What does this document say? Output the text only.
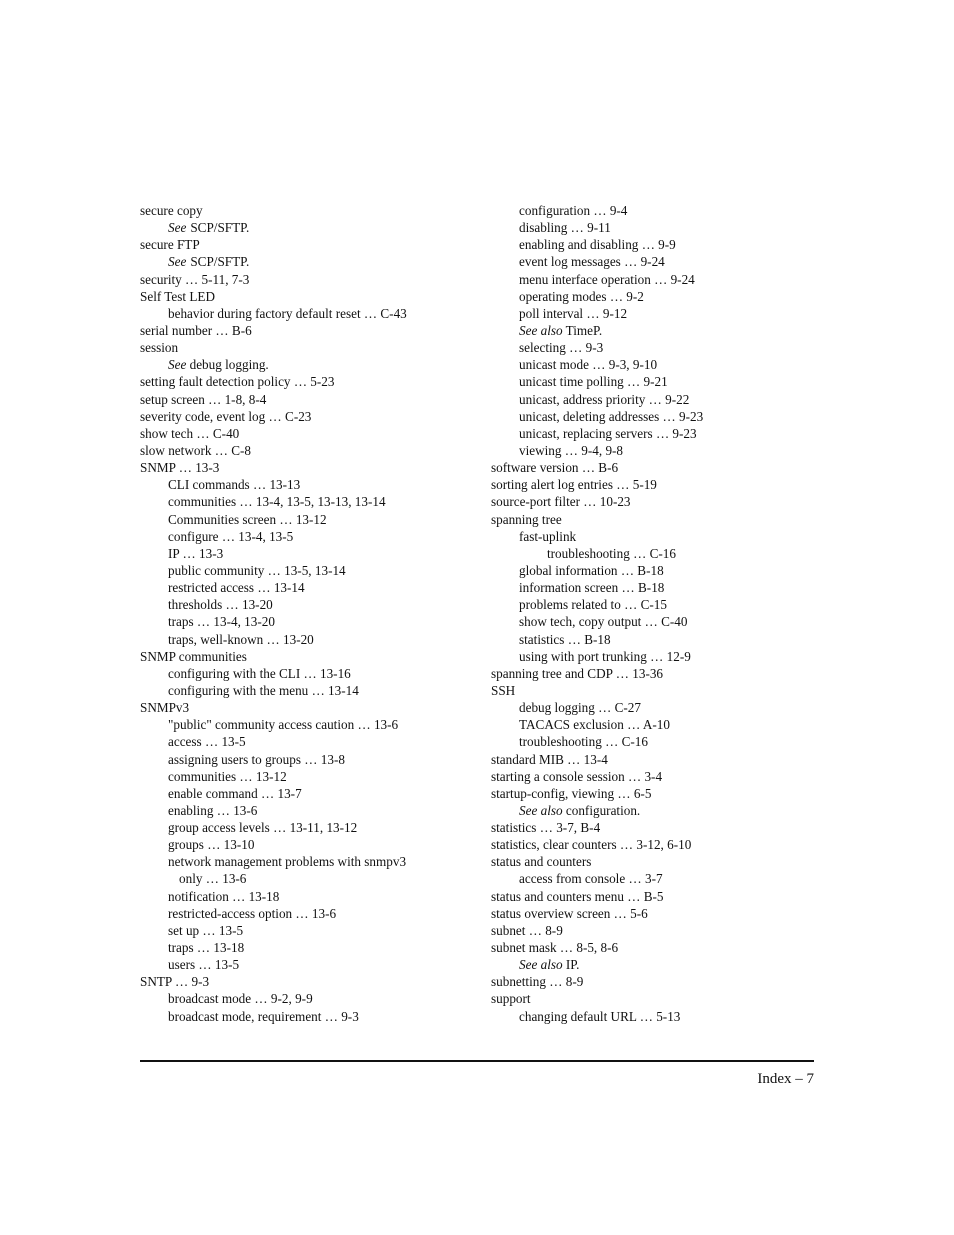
secure copy
See SCP/SFTP.
secure FTP
See SCP/SFTP.
security … 5-11, 7-3
Self Test LED
behavior during factory default reset … C-43
serial number … B-6
session
See debug logging.
setting fault detection policy … 5-23
setup screen … 1-8, 8-4
severity code, event log … C-23
show tech … C-40
slow network … C-8
SNMP … 13-3
CLI commands … 13-13
communities … 13-4, 13-5, 13-13, 13-14
Communities screen … 13-12
configure … 13-4, 13-5
IP … 13-3
public community … 13-5, 13-14
restricted access … 13-14
thresholds … 13-20
traps … 13-4, 13-20
traps, well-known … 13-20
SNMP communities
configuring with the CLI … 13-16
configuring with the menu … 13-14
SNMPv3
"public" community access caution … 13-6
access … 13-5
assigning users to groups … 13-8
communities … 13-12
enable command … 13-7
enabling … 13-6
group access levels … 13-11, 13-12
groups … 13-10
network management problems with snmpv3
only … 13-6
notification … 13-18
restricted-access option … 13-6
set up … 13-5
traps … 13-18
users … 13-5
SNTP … 9-3
broadcast mode … 9-2, 9-9
broadcast mode, requirement … 9-3
configuration … 9-4
disabling … 9-11
enabling and disabling … 9-9
event log messages … 9-24
menu interface operation … 9-24
operating modes … 9-2
poll interval … 9-12
See also TimeP.
selecting … 9-3
unicast mode … 9-3, 9-10
unicast time polling … 9-21
unicast, address priority … 9-22
unicast, deleting addresses … 9-23
unicast, replacing servers … 9-23
viewing … 9-4, 9-8
software version … B-6
sorting alert log entries … 5-19
source-port filter … 10-23
spanning tree
fast-uplink
troubleshooting … C-16
global information … B-18
information screen … B-18
problems related to … C-15
show tech, copy output … C-40
statistics … B-18
using with port trunking … 12-9
spanning tree and CDP … 13-36
SSH
debug logging … C-27
TACACS exclusion … A-10
troubleshooting … C-16
standard MIB … 13-4
starting a console session … 3-4
startup-config, viewing … 6-5
See also configuration.
statistics … 3-7, B-4
statistics, clear counters … 3-12, 6-10
status and counters
access from console … 3-7
status and counters menu … B-5
status overview screen … 5-6
subnet … 8-9
subnet mask … 8-5, 8-6
See also IP.
subnetting … 8-9
support
changing default URL … 5-13
Index – 7
